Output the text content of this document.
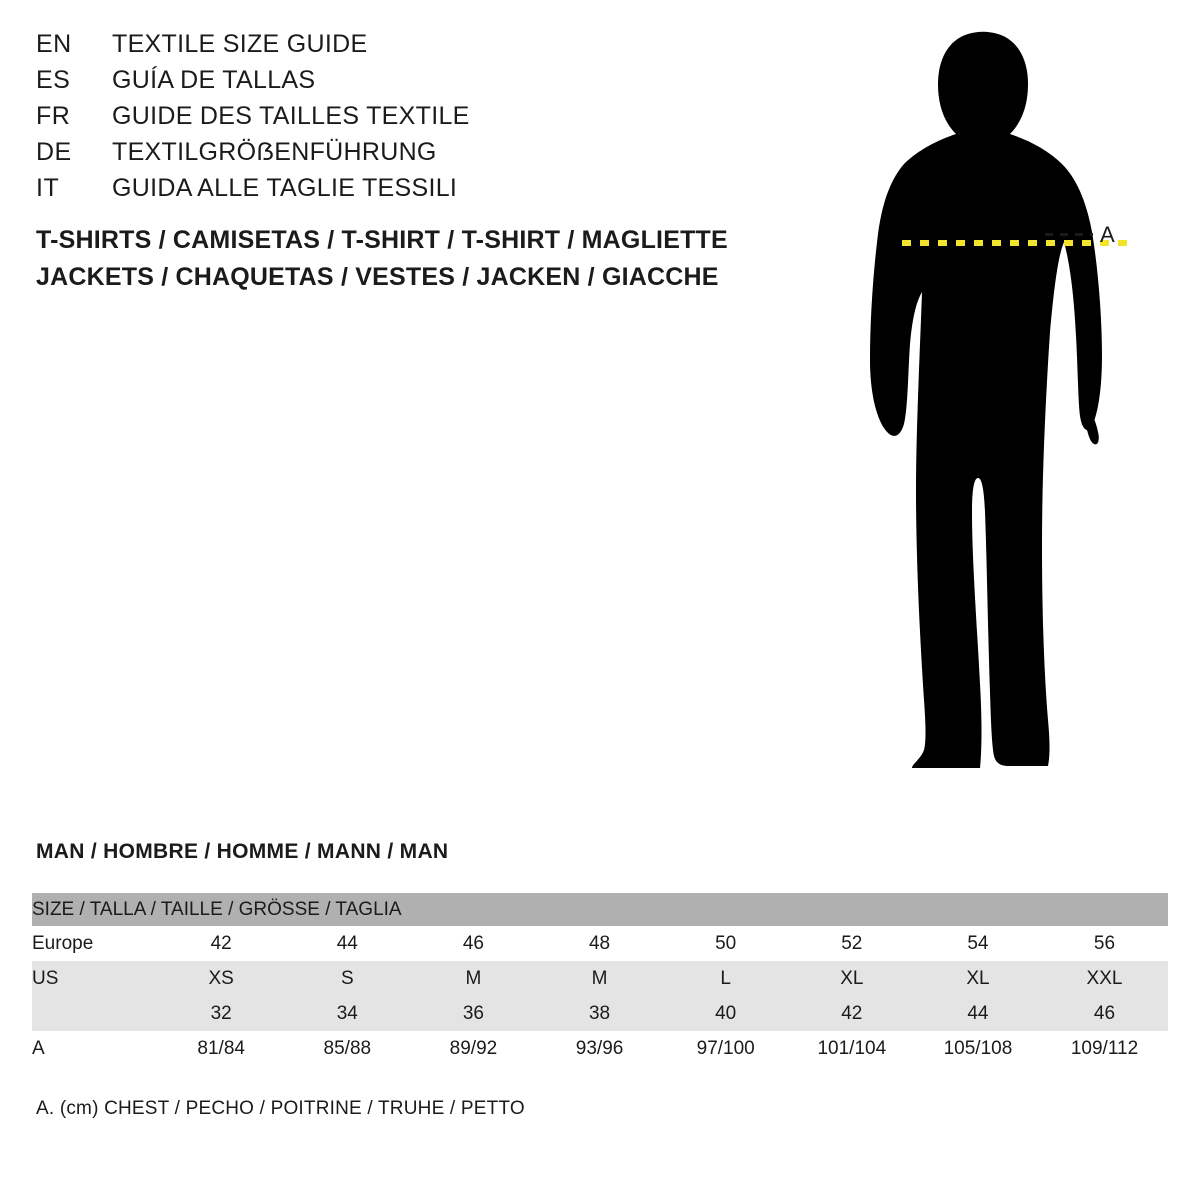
EN	TEXTILE SIZE GUIDE
ES	GUÍA DE TALLAS
FR	GUIDE DES TAILLES TEXTILE
DE	TEXTILGRÖẞENFÜHRUNG
IT	GUIDA ALLE TAGLIE TESSILI
T-SHIRTS / CAMISETAS / T-SHIRT / T-SHIRT / MAGLIETTE
JACKETS / CHAQUETAS / VESTES / JACKEN / GIACCHE
A
MAN / HOMBRE / HOMME / MANN / MAN
SIZE / TALLA / TAILLE / GRÖSSE / TAGLIA								
Europe	42	44	46	48	50	52	54	56
US	XS	S	M	M	L	XL	XL	XXL
	32	34	36	38	40	42	44	46
A	81/84	85/88	89/92	93/96	97/100	101/104	105/108	109/112
A. (cm) CHEST / PECHO / POITRINE / TRUHE / PETTO
